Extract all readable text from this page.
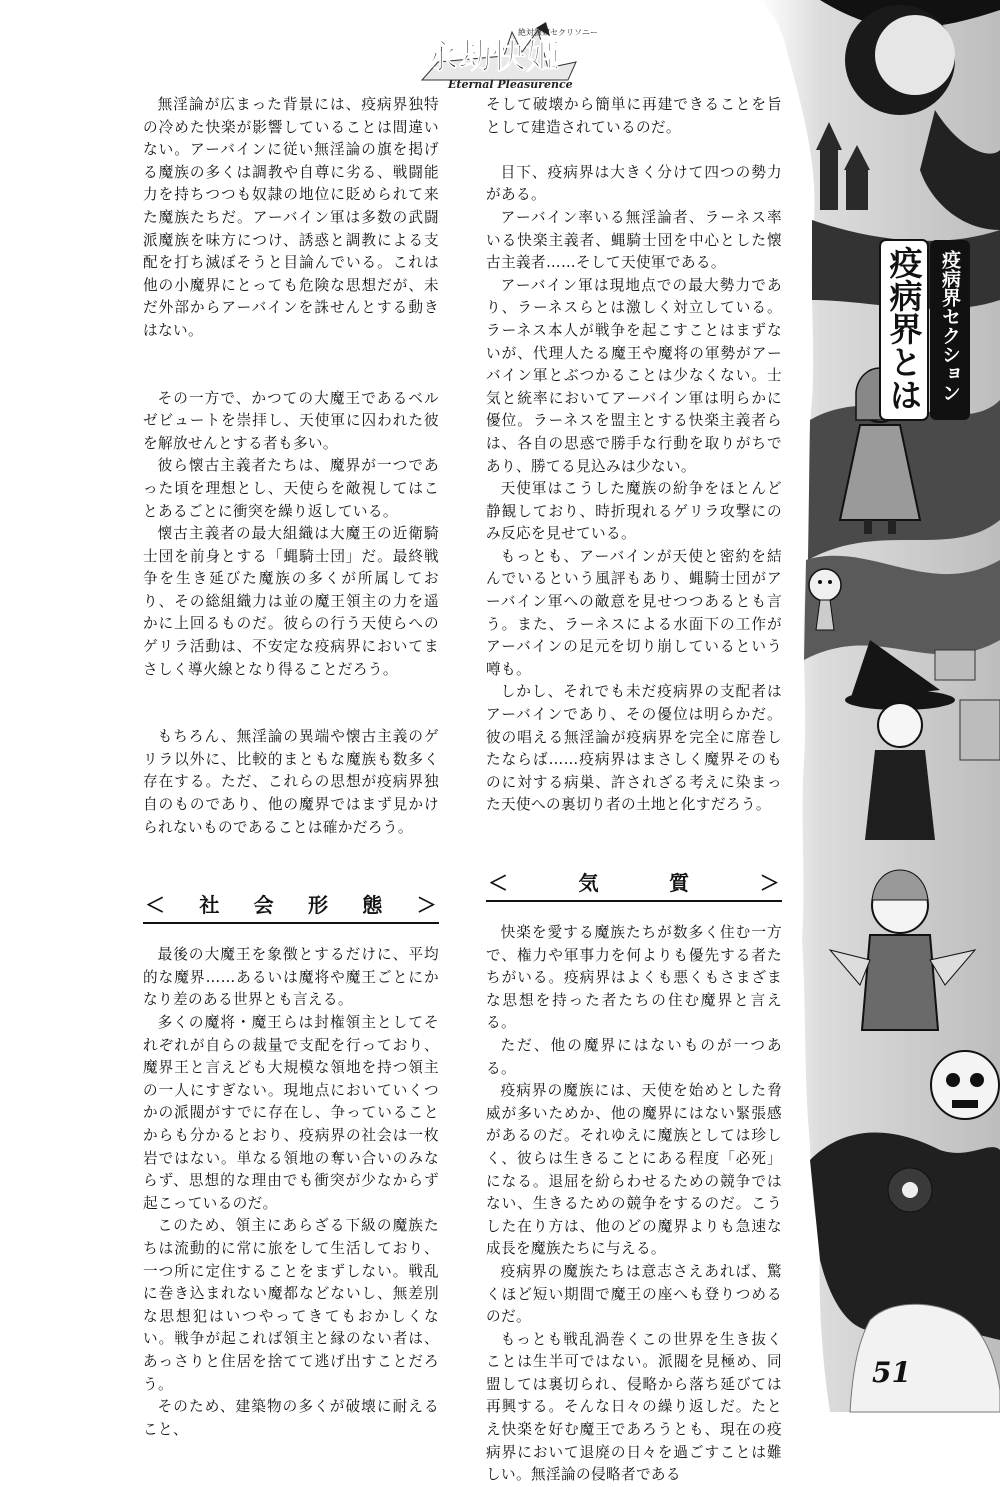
絶対隷奴セクリソニー
永劫快姫
Eternal Pleasurence

無淫論が広まった背景には、疫病界独特の冷めた快楽が影響していることは間違いない。アーバインに従い無淫論の旗を掲げる魔族の多くは調教や自尊に劣る、戦闘能力を持ちつつも奴隷の地位に貶められて来た魔族たちだ。アーバイン軍は多数の武闘派魔族を味方につけ、誘惑と調教による支配を打ち滅ぼそうと目論んでいる。これは他の小魔界にとっても危険な思想だが、未だ外部からアーバインを誅せんとする動きはない。

その一方で、かつての大魔王であるベルゼビュートを崇拝し、天使軍に囚われた彼を解放せんとする者も多い。

彼ら懐古主義者たちは、魔界が一つであった頃を理想とし、天使らを敵視してはことあるごとに衝突を繰り返している。

懐古主義者の最大組織は大魔王の近衛騎士団を前身とする「蝿騎士団」だ。最終戦争を生き延びた魔族の多くが所属しており、その総組織力は並の魔王領主の力を遥かに上回るものだ。彼らの行う天使らへのゲリラ活動は、不安定な疫病界においてまさしく導火線となり得ることだろう。

もちろん、無淫論の異端や懐古主義のゲリラ以外に、比較的まともな魔族も数多く存在する。ただ、これらの思想が疫病界独自のものであり、他の魔界ではまず見かけられないものであることは確かだろう。

＜ 社 会 形 態 ＞

最後の大魔王を象徴とするだけに、平均的な魔界……あるいは魔将や魔王ごとにかなり差のある世界とも言える。

多くの魔将・魔王らは封権領主としてそれぞれが自らの裁量で支配を行っており、魔界王と言えども大規模な領地を持つ領主の一人にすぎない。現地点においていくつかの派閥がすでに存在し、争っていることからも分かるとおり、疫病界の社会は一枚岩ではない。単なる領地の奪い合いのみならず、思想的な理由でも衝突が少なからず起こっているのだ。

このため、領主にあらざる下級の魔族たちは流動的に常に旅をして生活しており、一つ所に定住することをまずしない。戦乱に巻き込まれない魔都などないし、無差別な思想犯はいつやってきてもおかしくない。戦争が起これば領主と縁のない者は、あっさりと住居を捨てて逃げ出すことだろう。

そのため、建築物の多くが破壊に耐えること、

そして破壊から簡単に再建できることを旨として建造されているのだ。

目下、疫病界は大きく分けて四つの勢力がある。

アーバイン率いる無淫論者、ラーネス率いる快楽主義者、蝿騎士団を中心とした懐古主義者……そして天使軍である。

アーバイン軍は現地点での最大勢力であり、ラーネスらとは激しく対立している。ラーネス本人が戦争を起こすことはまずないが、代理人たる魔王や魔将の軍勢がアーバイン軍とぶつかることは少なくない。士気と統率においてアーバイン軍は明らかに優位。ラーネスを盟主とする快楽主義者らは、各自の思惑で勝手な行動を取りがちであり、勝てる見込みは少ない。

天使軍はこうした魔族の紛争をほとんど静観しており、時折現れるゲリラ攻撃にのみ反応を見せている。

もっとも、アーバインが天使と密約を結んでいるという風評もあり、蝿騎士団がアーバイン軍への敵意を見せつつあるとも言う。また、ラーネスによる水面下の工作がアーバインの足元を切り崩しているという噂も。

しかし、それでも未だ疫病界の支配者はアーバインであり、その優位は明らかだ。彼の唱える無淫論が疫病界を完全に席巻したならば……疫病界はまさしく魔界そのものに対する病巣、許されざる考えに染まった天使への裏切り者の土地と化すだろう。

＜	気	質	＞

快楽を愛する魔族たちが数多く住む一方で、権力や軍事力を何よりも優先する者たちがいる。疫病界はよくも悪くもさまざまな思想を持った者たちの住む魔界と言える。

ただ、他の魔界にはないものが一つある。

疫病界の魔族には、天使を始めとした脅威が多いためか、他の魔界にはない緊張感があるのだ。それゆえに魔族としては珍しく、彼らは生きることにある程度「必死」になる。退屈を紛らわせるための競争ではない、生きるための競争をするのだ。こうした在り方は、他のどの魔界よりも急速な成長を魔族たちに与える。

疫病界の魔族たちは意志さえあれば、驚くほど短い期間で魔王の座へも登りつめるのだ。

もっとも戦乱渦巻くこの世界を生き抜くことは生半可ではない。派閥を見極め、同盟しては裏切られ、侵略から落ち延びては再興する。そんな日々の繰り返しだ。たとえ快楽を好む魔王であろうとも、現在の疫病界において退廃の日々を過ごすことは難しい。無淫論の侵略者である

疫病界セクション
疫病界とは
51
